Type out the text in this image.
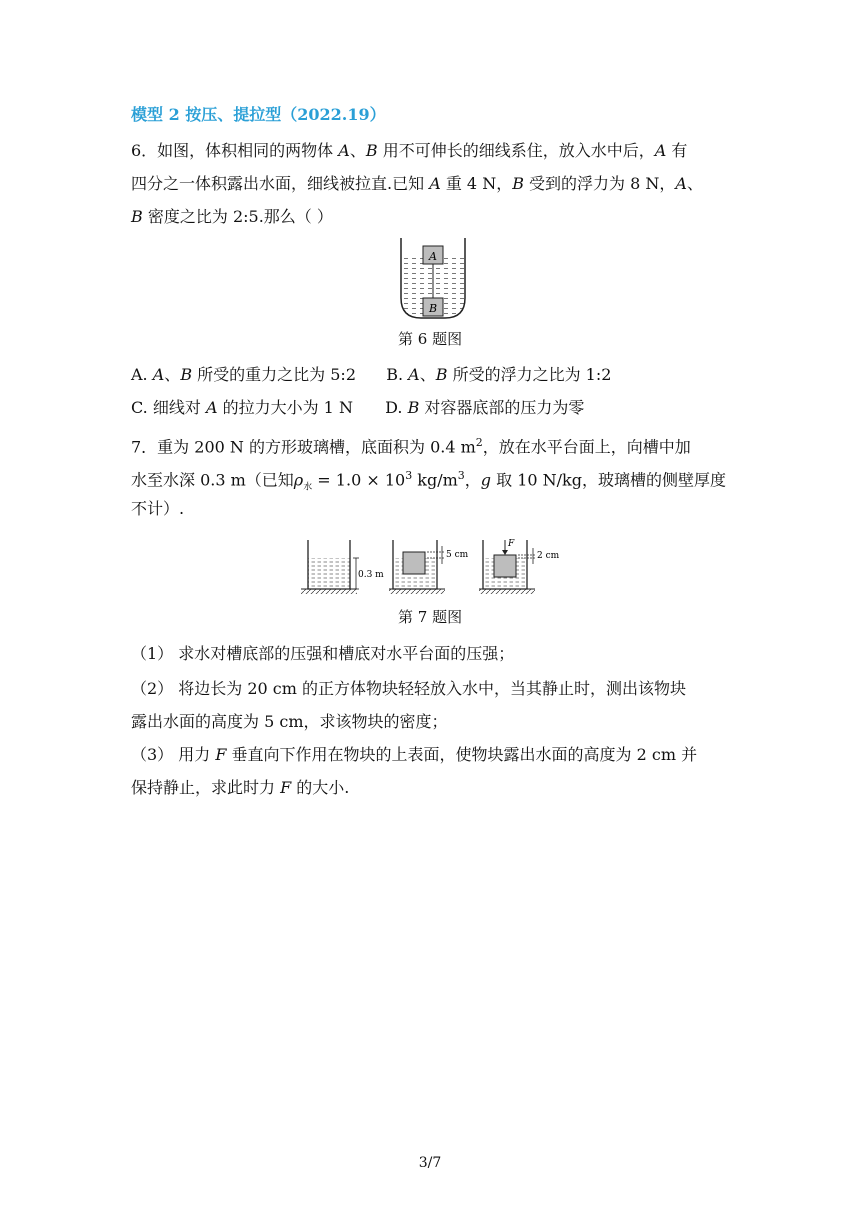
模型 2 按压、提拉型（2022.19）
6．如图，体积相同的两物体 A、B 用不可伸长的细线系住，放入水中后，A 有
四分之一体积露出水面，细线被拉直.已知 A 重 4 N，B 受到的浮力为 8 N，A、
B 密度之比为 2:5.那么（ ）
A
B
第 6 题图
A. A、B 所受的重力之比为 5:2 B. A、B 所受的浮力之比为 1:2
C. 细线对 A 的拉力大小为 1 N D. B 对容器底部的压力为零
7．重为 200 N 的方形玻璃槽，底面积为 0.4 $m^2$，放在水平台面上，向槽中加
水至水深 0.3 m（已知$\rho_水 = 1.0 \times 10^3$ $kg/m^3$，g 取 10 N/kg，玻璃槽的侧壁厚度
不计）.
0.3 m
5 cm
F
2 cm
第 7 题图
（1） 求水对槽底部的压强和槽底对水平台面的压强；
（2） 将边长为 20 cm 的正方体物块轻轻放入水中，当其静止时，测出该物块
露出水面的高度为 5 cm，求该物块的密度；
（3） 用力 F 垂直向下作用在物块的上表面，使物块露出水面的高度为 2 cm 并
保持静止，求此时力 F 的大小.
3/7
